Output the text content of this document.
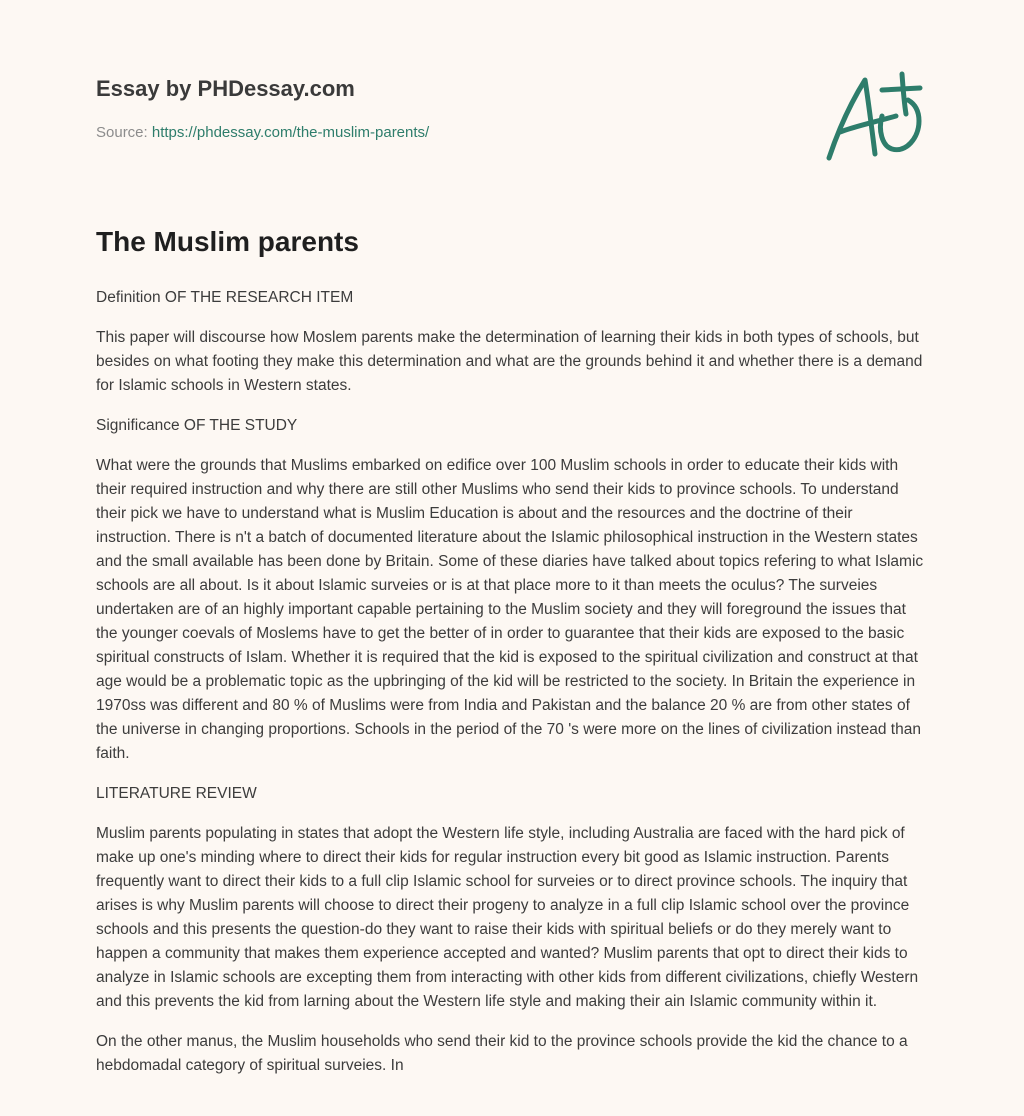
Essay by PHDessay.com
Source: https://phdessay.com/the-muslim-parents/
The Muslim parents

Definition OF THE RESEARCH ITEM

This paper will discourse how Moslem parents make the determination of learning their kids in both types of schools, but besides on what footing they make this determination and what are the grounds behind it and whether there is a demand for Islamic schools in Western states.

Significance OF THE STUDY

What were the grounds that Muslims embarked on edifice over 100 Muslim schools in order to educate their kids with their required instruction and why there are still other Muslims who send their kids to province schools. To understand their pick we have to understand what is Muslim Education is about and the resources and the doctrine of their instruction. There is n't a batch of documented literature about the Islamic philosophical instruction in the Western states and the small available has been done by Britain. Some of these diaries have talked about topics refering to what Islamic schools are all about. Is it about Islamic surveies or is at that place more to it than meets the oculus? The surveies undertaken are of an highly important capable pertaining to the Muslim society and they will foreground the issues that the younger coevals of Moslems have to get the better of in order to guarantee that their kids are exposed to the basic spiritual constructs of Islam. Whether it is required that the kid is exposed to the spiritual civilization and construct at that age would be a problematic topic as the upbringing of the kid will be restricted to the society. In Britain the experience in 1970ss was different and 80 % of Muslims were from India and Pakistan and the balance 20 % are from other states of the universe in changing proportions. Schools in the period of the 70 's were more on the lines of civilization instead than faith.

LITERATURE REVIEW

Muslim parents populating in states that adopt the Western life style, including Australia are faced with the hard pick of make up one's minding where to direct their kids for regular instruction every bit good as Islamic instruction. Parents frequently want to direct their kids to a full clip Islamic school for surveies or to direct province schools. The inquiry that arises is why Muslim parents will choose to direct their progeny to analyze in a full clip Islamic school over the province schools and this presents the question-do they want to raise their kids with spiritual beliefs or do they merely want to happen a community that makes them experience accepted and wanted? Muslim parents that opt to direct their kids to analyze in Islamic schools are excepting them from interacting with other kids from different civilizations, chiefly Western and this prevents the kid from larning about the Western life style and making their ain Islamic community within it.

On the other manus, the Muslim households who send their kid to the province schools provide the kid the chance to a hebdomadal category of spiritual surveies. In
